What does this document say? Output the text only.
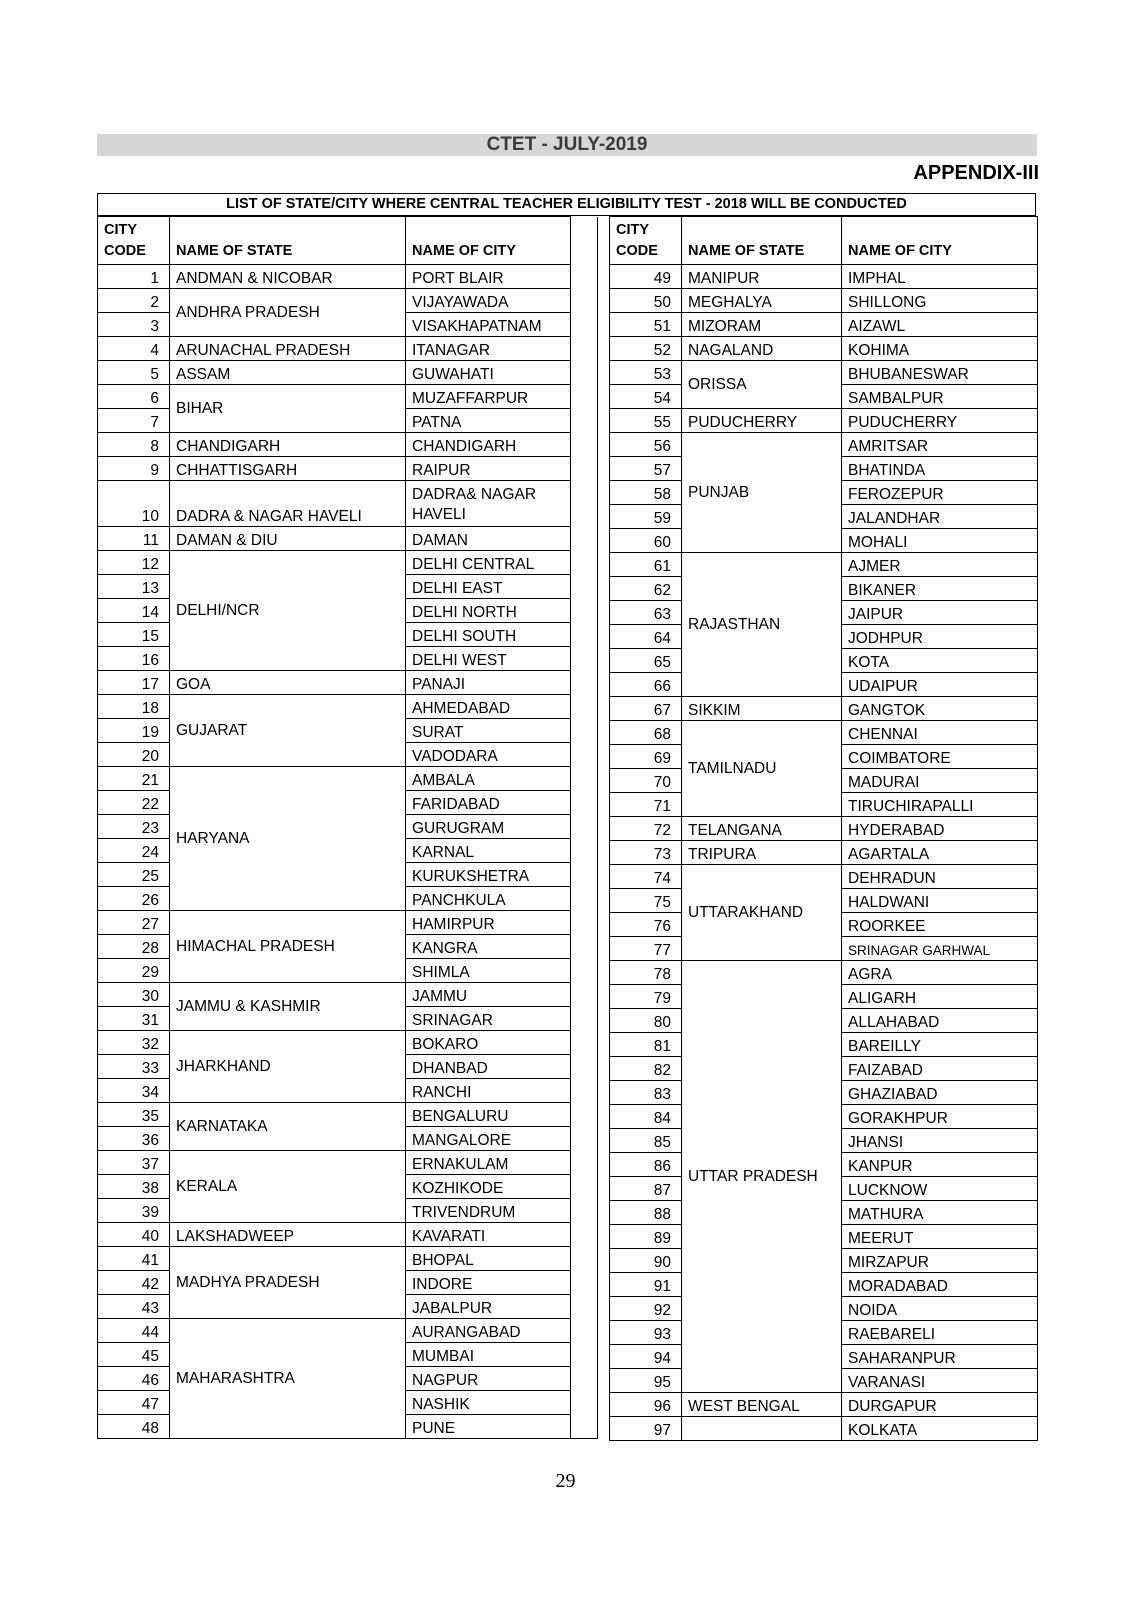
CTET - JULY-2019
APPENDIX-III
LIST OF STATE/CITY WHERE CENTRAL TEACHER ELIGIBILITY TEST - 2018 WILL BE CONDUCTED
CITY
CODE	NAME OF STATE	NAME OF CITY	
1	ANDMAN & NICOBAR	PORT BLAIR	
2	ANDHRA PRADESH	VIJAYAWADA	
3		VISAKHAPATNAM	
4	ARUNACHAL PRADESH	ITANAGAR	
5	ASSAM	GUWAHATI	
6	BIHAR	MUZAFFARPUR	
7		PATNA	
8	CHANDIGARH	CHANDIGARH	
9	CHHATTISGARH	RAIPUR	
10	DADRA & NAGAR HAVELI	DADRA& NAGAR HAVELI	
11	DAMAN & DIU	DAMAN	
12	DELHI/NCR	DELHI CENTRAL	
13		DELHI EAST	
14		DELHI NORTH	
15		DELHI SOUTH	
16		DELHI WEST	
17	GOA	PANAJI	
18	GUJARAT	AHMEDABAD	
19		SURAT	
20		VADODARA	
21	HARYANA	AMBALA	
22		FARIDABAD	
23		GURUGRAM	
24		KARNAL	
25		KURUKSHETRA	
26		PANCHKULA	
27	HIMACHAL PRADESH	HAMIRPUR	
28		KANGRA	
29		SHIMLA	
30	JAMMU & KASHMIR	JAMMU	
31		SRINAGAR	
32	JHARKHAND	BOKARO	
33		DHANBAD	
34		RANCHI	
35	KARNATAKA	BENGALURU	
36		MANGALORE	
37	KERALA	ERNAKULAM	
38		KOZHIKODE	
39		TRIVENDRUM	
40	LAKSHADWEEP	KAVARATI	
41	MADHYA PRADESH	BHOPAL	
42		INDORE	
43		JABALPUR	
44	MAHARASHTRA	AURANGABAD	
45		MUMBAI	
46		NAGPUR	
47		NASHIK	
48		PUNE	
CITY
CODE	NAME OF STATE	NAME OF CITY
49	MANIPUR	IMPHAL
50	MEGHALYA	SHILLONG
51	MIZORAM	AIZAWL
52	NAGALAND	KOHIMA
53	ORISSA	BHUBANESWAR
54		SAMBALPUR
55	PUDUCHERRY	PUDUCHERRY
56	PUNJAB	AMRITSAR
57		BHATINDA
58		FEROZEPUR
59		JALANDHAR
60		MOHALI
61	RAJASTHAN	AJMER
62		BIKANER
63		JAIPUR
64		JODHPUR
65		KOTA
66		UDAIPUR
67	SIKKIM	GANGTOK
68	TAMILNADU	CHENNAI
69		COIMBATORE
70		MADURAI
71		TIRUCHIRAPALLI
72	TELANGANA	HYDERABAD
73	TRIPURA	AGARTALA
74	UTTARAKHAND	DEHRADUN
75		HALDWANI
76		ROORKEE
77		SRINAGAR GARHWAL
78	UTTAR PRADESH	AGRA
79		ALIGARH
80		ALLAHABAD
81		BAREILLY
82		FAIZABAD
83		GHAZIABAD
84		GORAKHPUR
85		JHANSI
86		KANPUR
87		LUCKNOW
88		MATHURA
89		MEERUT
90		MIRZAPUR
91		MORADABAD
92		NOIDA
93		RAEBARELI
94		SAHARANPUR
95		VARANASI
96	WEST BENGAL	DURGAPUR
97		KOLKATA
29
